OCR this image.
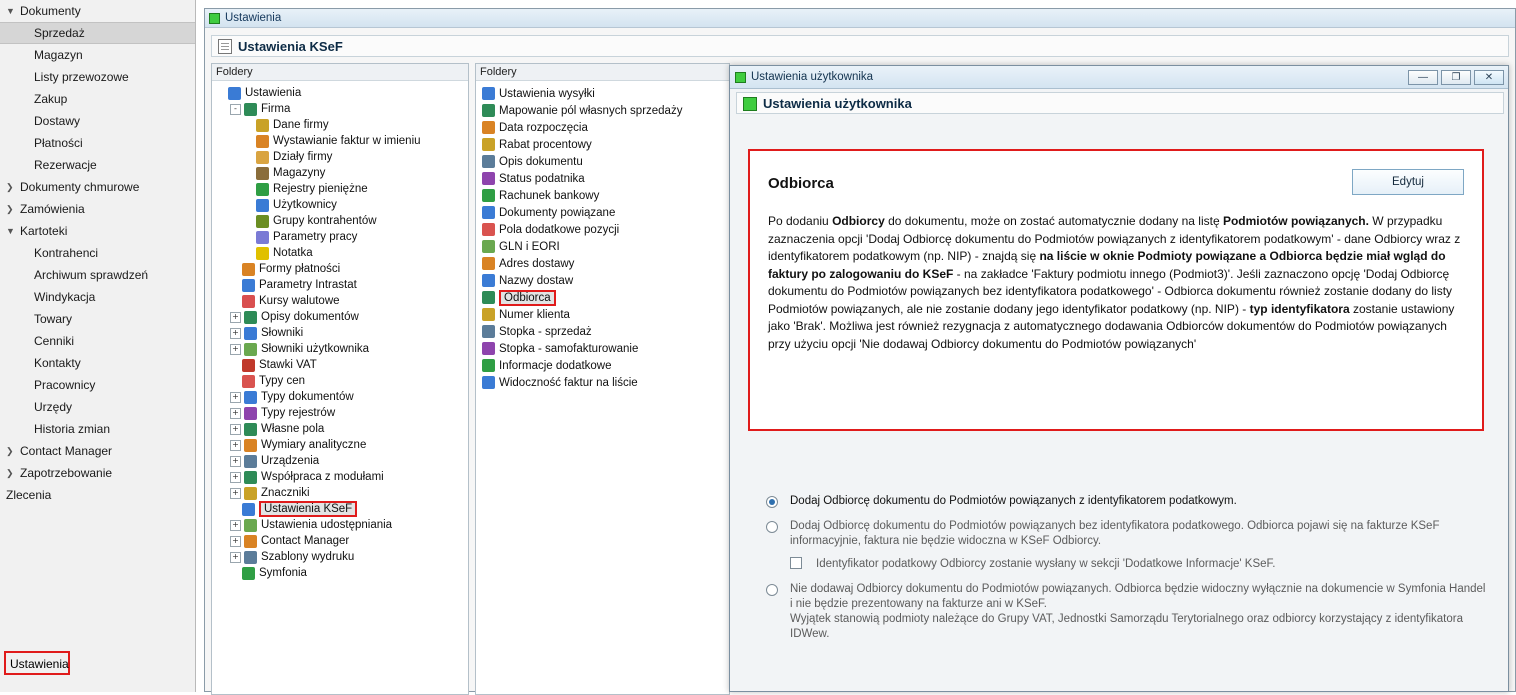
▼ Dokumenty
Sprzedaż
Magazyn
Listy przewozowe
Zakup
Dostawy
Płatności
Rezerwacje
❯ Dokumenty chmurowe
❯ Zamówienia
▼ Kartoteki
Kontrahenci
Archiwum sprawdzeń
Windykacja
Towary
Cenniki
Kontakty
Pracownicy
Urzędy
Historia zmian
❯ Contact Manager
❯ Zapotrzebowanie
Zlecenia
Ustawienia
Ustawienia
Ustawienia KSeF
Foldery
Ustawienia
-	Firma
Dane firmy
Wystawianie faktur w imieniu
Działy firmy
Magazyny
Rejestry pieniężne
Użytkownicy
Grupy kontrahentów
Parametry pracy
Notatka
Formy płatności
Parametry Intrastat
Kursy walutowe
+ Opisy dokumentów
+ Słowniki
+ Słowniki użytkownika
Stawki VAT
Typy cen
+ Typy dokumentów
+ Typy rejestrów
+ Własne pola
+ Wymiary analityczne
+ Urządzenia
+ Współpraca z modułami
+ Znaczniki
Ustawienia KSeF
+ Ustawienia udostępniania
+ Contact Manager
+ Szablony wydruku
Symfonia
Foldery
Ustawienia wysyłki
Mapowanie pól własnych sprzedaży
Data rozpoczęcia
Rabat procentowy
Opis dokumentu
Status podatnika
Rachunek bankowy
Dokumenty powiązane
Pola dodatkowe pozycji
GLN i EORI
Adres dostawy
Nazwy dostaw
Odbiorca
Numer klienta
Stopka - sprzedaż
Stopka - samofakturowanie
Informacje dodatkowe
Widoczność faktur na liście
Ustawienia użytkownika	—	❐	✕
Ustawienia użytkownika
Odbiorca	Edytuj
Po dodaniu Odbiorcy do dokumentu, może on zostać automatycznie dodany na listę Podmiotów powiązanych. W przypadku zaznaczenia opcji 'Dodaj Odbiorcę dokumentu do Podmiotów powiązanych z identyfikatorem podatkowym' - dane Odbiorcy wraz z identyfikatorem podatkowym (np. NIP) - znajdą się na liście w oknie Podmioty powiązane a Odbiorca będzie miał wgląd do faktury po zalogowaniu do KSeF - na zakładce 'Faktury podmiotu innego (Podmiot3)'. Jeśli zaznaczono opcję 'Dodaj Odbiorcę dokumentu do Podmiotów powiązanych bez identyfikatora podatkowego' - Odbiorca dokumentu również zostanie dodany do listy Podmiotów powiązanych, ale nie zostanie dodany jego identyfikator podatkowy (np. NIP) - typ identyfikatora zostanie ustawiony jako 'Brak'. Możliwa jest również rezygnacja z automatycznego dodawania Odbiorców dokumentów do Podmiotów powiązanych przy użyciu opcji 'Nie dodawaj Odbiorcy dokumentu do Podmiotów powiązanych'
Dodaj Odbiorcę dokumentu do Podmiotów powiązanych z identyfikatorem podatkowym.
Dodaj Odbiorcę dokumentu do Podmiotów powiązanych bez identyfikatora podatkowego. Odbiorca pojawi się na fakturze KSeF informacyjnie, faktura nie będzie widoczna w KSeF Odbiorcy.
Identyfikator podatkowy Odbiorcy zostanie wysłany w sekcji 'Dodatkowe Informacje' KSeF.
Nie dodawaj Odbiorcy dokumentu do Podmiotów powiązanych. Odbiorca będzie widoczny wyłącznie na dokumencie w Symfonia Handel i nie będzie prezentowany na fakturze ani w KSeF.
Wyjątek stanowią podmioty należące do Grupy VAT, Jednostki Samorządu Terytorialnego oraz odbiorcy korzystający z identyfikatora IDWew.
